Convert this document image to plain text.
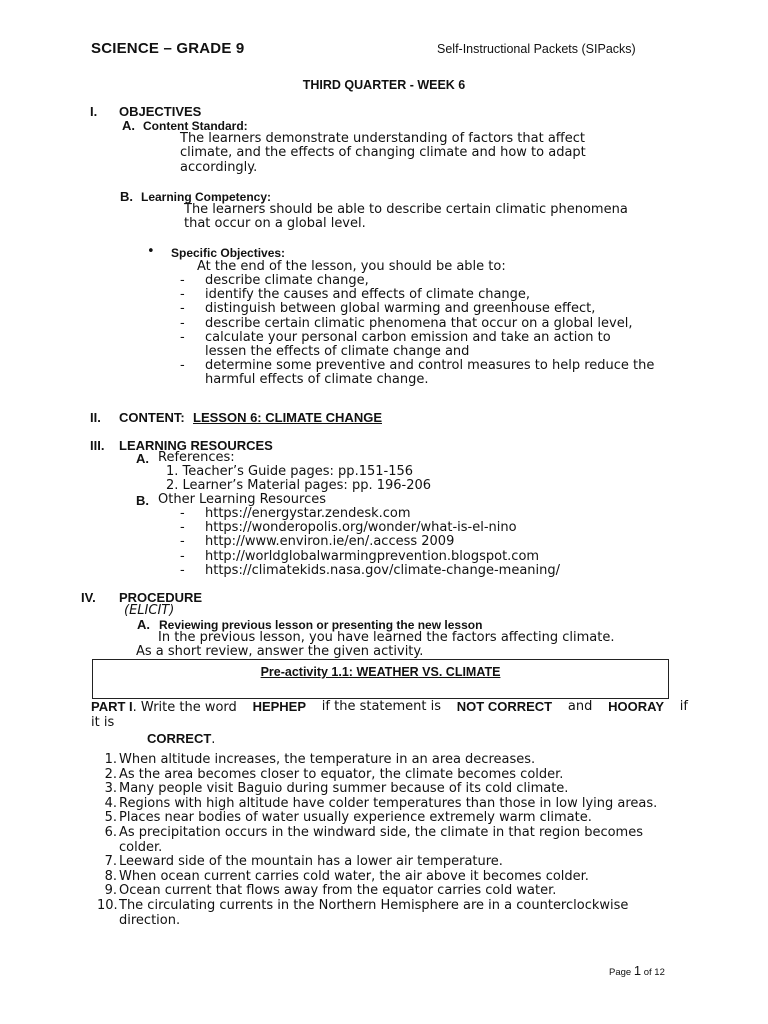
SCIENCE – GRADE 9	Self-Instructional Packets (SIPacks)
THIRD QUARTER - WEEK 6
I. OBJECTIVES
A. Content Standard:
The learners demonstrate understanding of factors that affect
climate, and the effects of changing climate and how to adapt
accordingly.
B. Learning Competency:
The learners should be able to describe certain climatic phenomena
that occur on a global level.
• Specific Objectives:
At the end of the lesson, you should be able to:
- describe climate change,
- identify the causes and effects of climate change,
- distinguish between global warming and greenhouse effect,
- describe certain climatic phenomena that occur on a global level,
- calculate your personal carbon emission and take an action to lessen the effects of climate change and
- determine some preventive and control measures to help reduce the harmful effects of climate change.
II. CONTENT: LESSON 6: CLIMATE CHANGE
III. LEARNING RESOURCES
A. References:
1. Teacher’s Guide pages: pp.151-156
2. Learner’s Material pages: pp. 196-206
B. Other Learning Resources
- https://energystar.zendesk.com
- https://wonderopolis.org/wonder/what-is-el-nino
- http://www.environ.ie/en/.access 2009
- http://worldglobalwarmingprevention.blogspot.com
- https://climatekids.nasa.gov/climate-change-meaning/
IV. PROCEDURE
(ELICIT)
A. Reviewing previous lesson or presenting the new lesson
In the previous lesson, you have learned the factors affecting climate.
As a short review, answer the given activity.
Pre-activity 1.1: WEATHER VS. CLIMATE
PART I. Write the word HEPHEP if the statement is NOT CORRECT and HOORAY if
it is
CORRECT.
1. When altitude increases, the temperature in an area decreases.
2. As the area becomes closer to equator, the climate becomes colder.
3. Many people visit Baguio during summer because of its cold climate.
4. Regions with high altitude have colder temperatures than those in low lying areas.
5. Places near bodies of water usually experience extremely warm climate.
6. As precipitation occurs in the windward side, the climate in that region becomes colder.
7. Leeward side of the mountain has a lower air temperature.
8. When ocean current carries cold water, the air above it becomes colder.
9. Ocean current that flows away from the equator carries cold water.
10. The circulating currents in the Northern Hemisphere are in a counterclockwise direction.
Page 1 of 12
